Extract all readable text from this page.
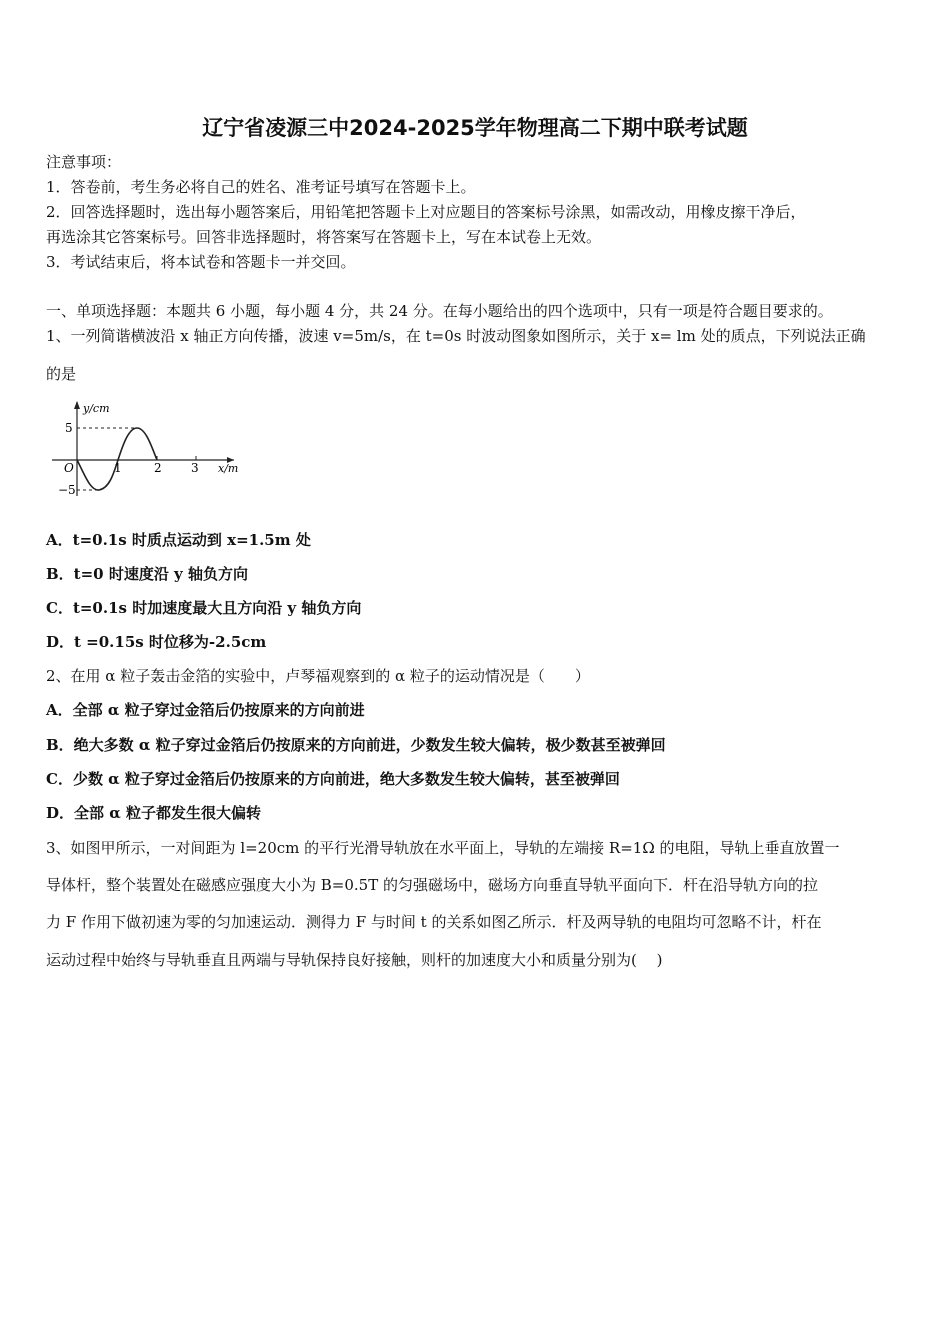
辽宁省凌源三中2024-2025学年物理高二下期中联考试题
注意事项：
1．答卷前，考生务必将自己的姓名、准考证号填写在答题卡上。
2．回答选择题时，选出每小题答案后，用铅笔把答题卡上对应题目的答案标号涂黑，如需改动，用橡皮擦干净后，
再选涂其它答案标号。回答非选择题时，将答案写在答题卡上，写在本试卷上无效。
3．考试结束后，将本试卷和答题卡一并交回。
一、单项选择题：本题共 6 小题，每小题 4 分，共 24 分。在每小题给出的四个选项中，只有一项是符合题目要求的。
1、一列简谐横波沿 x 轴正方向传播，波速 v=5m/s，在 t=0s 时波动图象如图所示，关于 x= lm 处的质点，下列说法正确
的是
y/cm
x/m
O
5
−5
1	2 3
A．t=0.1s 时质点运动到 x=1.5m 处
B．t=0 时速度沿 y 轴负方向
C．t=0.1s 时加速度最大且方向沿 y 轴负方向
D．t =0.15s 时位移为-2.5cm
2、在用 α 粒子轰击金箔的实验中，卢琴福观察到的 α 粒子的运动情况是（　　）
A．全部 α 粒子穿过金箔后仍按原来的方向前进
B．绝大多数 α 粒子穿过金箔后仍按原来的方向前进，少数发生较大偏转，极少数甚至被弹回
C．少数 α 粒子穿过金箔后仍按原来的方向前进，绝大多数发生较大偏转，甚至被弹回
D．全部 α 粒子都发生很大偏转
3、如图甲所示，一对间距为 l=20cm 的平行光滑导轨放在水平面上，导轨的左端接 R=1Ω 的电阻，导轨上垂直放置一
导体杆，整个装置处在磁感应强度大小为 B=0.5T 的匀强磁场中，磁场方向垂直导轨平面向下．杆在沿导轨方向的拉
力 F 作用下做初速为零的匀加速运动．测得力 F 与时间 t 的关系如图乙所示．杆及两导轨的电阻均可忽略不计，杆在
运动过程中始终与导轨垂直且两端与导轨保持良好接触，则杆的加速度大小和质量分别为(　 )
